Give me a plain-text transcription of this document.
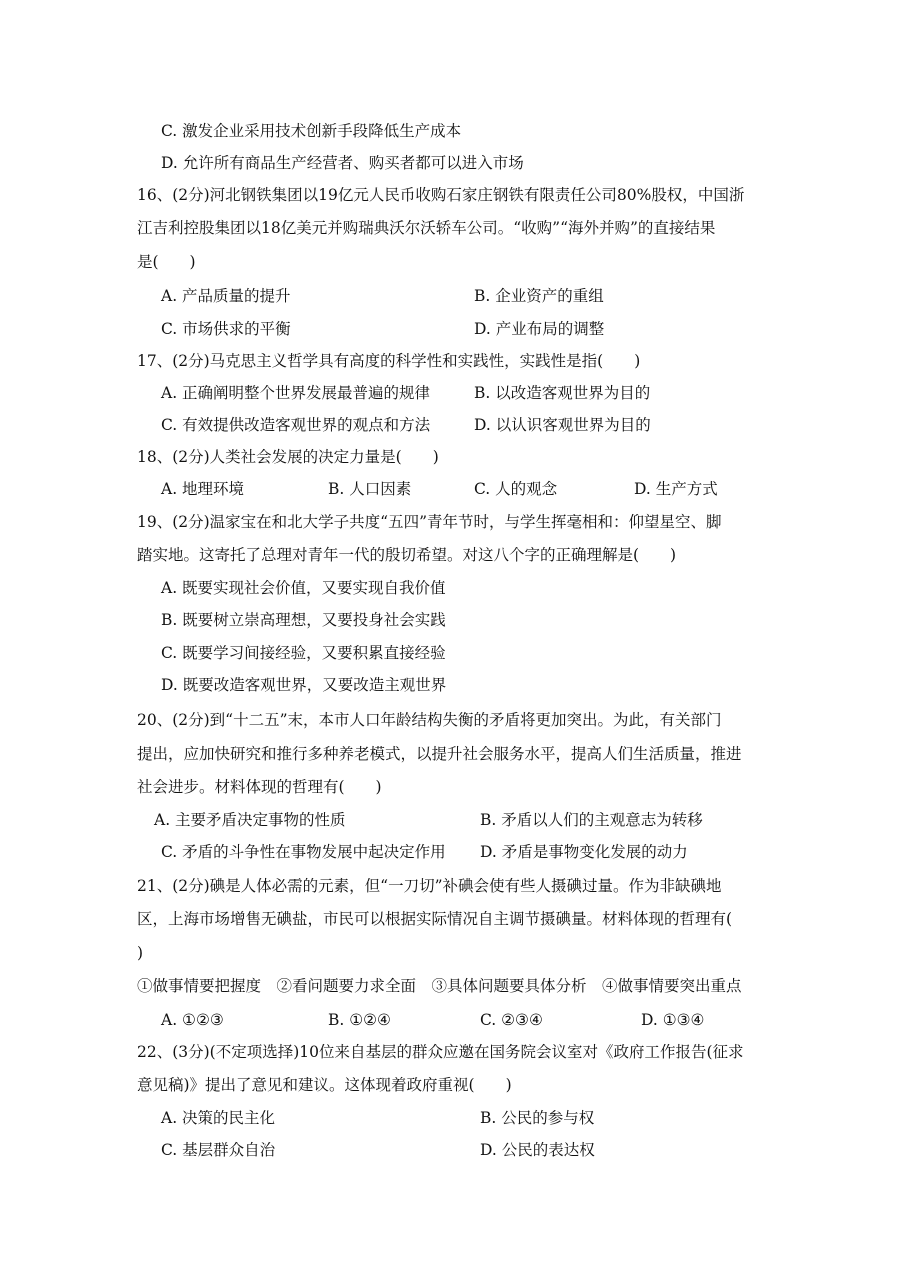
C. 激发企业采用技术创新手段降低生产成本
D. 允许所有商品生产经营者、购买者都可以进入市场
16、(2分)河北钢铁集团以19亿元人民币收购石家庄钢铁有限责任公司80%股权，中国浙
江吉利控股集团以18亿美元并购瑞典沃尔沃轿车公司。“收购”“海外并购”的直接结果
是(　　)
A. 产品质量的提升	B. 企业资产的重组
C. 市场供求的平衡	D. 产业布局的调整
17、(2分)马克思主义哲学具有高度的科学性和实践性，实践性是指(　　)
A. 正确阐明整个世界发展最普遍的规律	B. 以改造客观世界为目的
C. 有效提供改造客观世界的观点和方法	D. 以认识客观世界为目的
18、(2分)人类社会发展的决定力量是(　　)
A. 地理环境	B. 人口因素	C. 人的观念	D. 生产方式
19、(2分)温家宝在和北大学子共度“五四”青年节时，与学生挥毫相和：仰望星空、脚
踏实地。这寄托了总理对青年一代的殷切希望。对这八个字的正确理解是(　　)
A. 既要实现社会价值，又要实现自我价值
B. 既要树立崇高理想，又要投身社会实践
C. 既要学习间接经验，又要积累直接经验
D. 既要改造客观世界，又要改造主观世界
20、(2分)到“十二五”末，本市人口年龄结构失衡的矛盾将更加突出。为此，有关部门
提出，应加快研究和推行多种养老模式，以提升社会服务水平，提高人们生活质量，推进
社会进步。材料体现的哲理有(　　)
A. 主要矛盾决定事物的性质	B. 矛盾以人们的主观意志为转移
C. 矛盾的斗争性在事物发展中起决定作用 D. 矛盾是事物变化发展的动力
21、(2分)碘是人体必需的元素，但“一刀切”补碘会使有些人摄碘过量。作为非缺碘地
区，上海市场增售无碘盐，市民可以根据实际情况自主调节摄碘量。材料体现的哲理有(
)
①做事情要把握度　②看问题要力求全面　③具体问题要具体分析　④做事情要突出重点
A. ①②③	B. ①②④	C. ②③④	D. ①③④
22、(3分)(不定项选择)10位来自基层的群众应邀在国务院会议室对《政府工作报告(征求
意见稿)》提出了意见和建议。这体现着政府重视(　　)
A. 决策的民主化	B. 公民的参与权
C. 基层群众自治	D. 公民的表达权
